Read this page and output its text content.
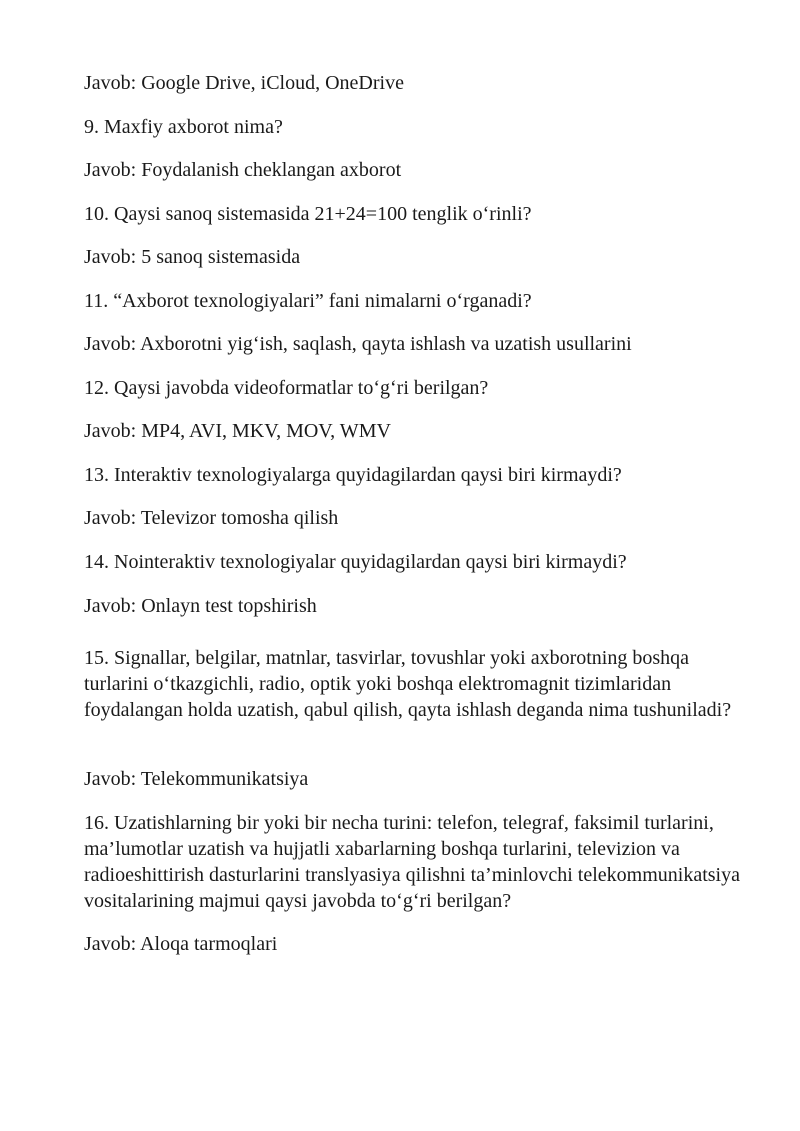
Javob: Google Drive, iCloud, OneDrive

9. Maxfiy axborot nima?

Javob: Foydalanish cheklangan axborot

10. Qaysi sanoq sistemasida 21+24=100 tenglik o‘rinli?

Javob: 5 sanoq sistemasida

11. “Axborot texnologiyalari” fani nimalarni o‘rganadi?

Javob: Axborotni yig‘ish, saqlash, qayta ishlash va uzatish usullarini

12. Qaysi javobda videoformatlar to‘g‘ri berilgan?

Javob: MP4, AVI, MKV, MOV, WMV

13. Interaktiv texnologiyalarga quyidagilardan qaysi biri kirmaydi?

Javob: Televizor tomosha qilish

14. Nointeraktiv texnologiyalar quyidagilardan qaysi biri kirmaydi?

Javob: Onlayn test topshirish

15. Signallar, belgilar, matnlar, tasvirlar, tovushlar yoki axborotning boshqa turlarini o‘tkazgichli, radio, optik yoki boshqa elektromagnit tizimlaridan foydalangan holda uzatish, qabul qilish, qayta ishlash deganda nima tushuniladi?

Javob: Telekommunikatsiya

16. Uzatishlarning bir yoki bir necha turini: telefon, telegraf, faksimil turlarini, ma’lumotlar uzatish va hujjatli xabarlarning boshqa turlarini, televizion va radioeshittirish dasturlarini translyasiya qilishni ta’minlovchi telekommunikatsiya vositalarining majmui qaysi javobda to‘g‘ri berilgan?

Javob: Aloqa tarmoqlari
